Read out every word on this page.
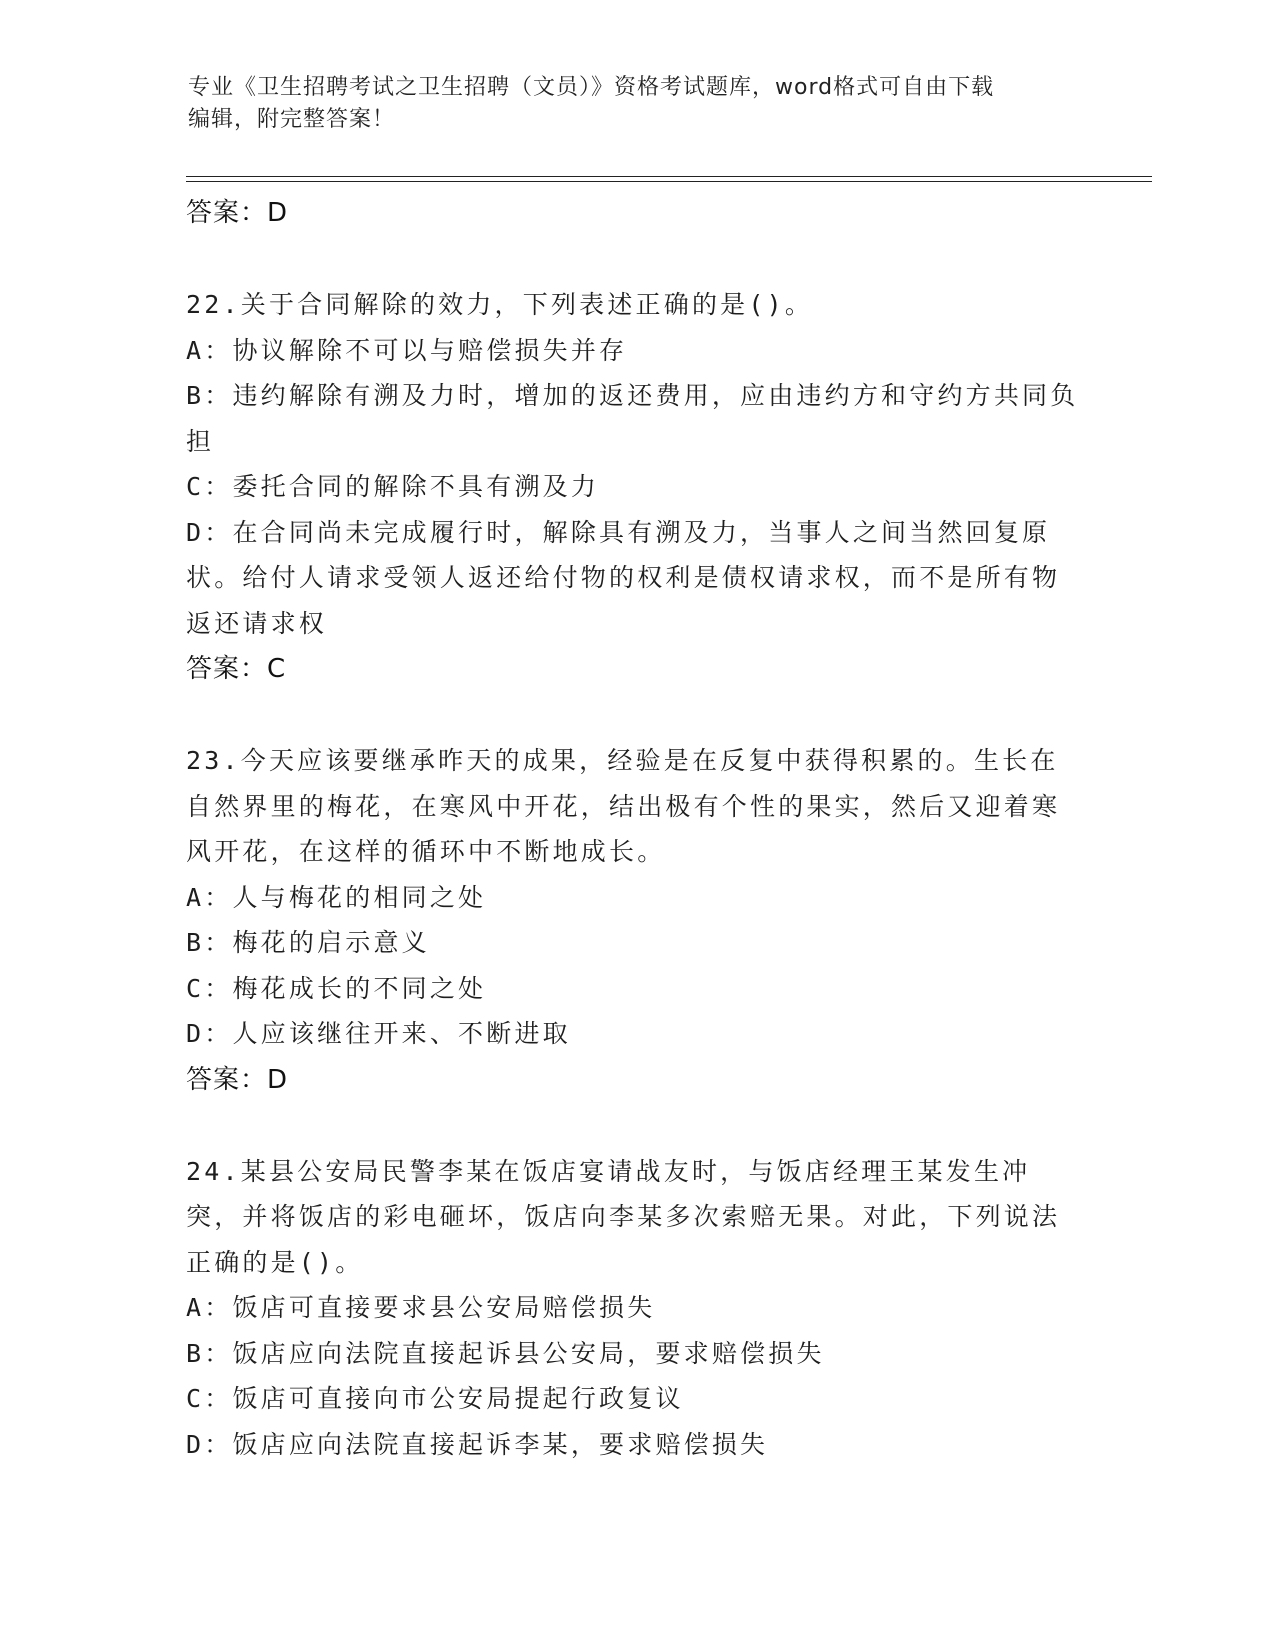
专业《卫生招聘考试之卫生招聘（文员）》资格考试题库，word格式可自由下载
编辑，附完整答案！
答案：D
22.关于合同解除的效力，下列表述正确的是()。
A：协议解除不可以与赔偿损失并存
B：违约解除有溯及力时，增加的返还费用，应由违约方和守约方共同负担
C：委托合同的解除不具有溯及力
D：在合同尚未完成履行时，解除具有溯及力，当事人之间当然回复原状。给付人请求受领人返还给付物的权利是债权请求权，而不是所有物返还请求权
答案：C
23.今天应该要继承昨天的成果，经验是在反复中获得积累的。生长在自然界里的梅花，在寒风中开花，结出极有个性的果实，然后又迎着寒风开花，在这样的循环中不断地成长。
A：人与梅花的相同之处
B：梅花的启示意义
C：梅花成长的不同之处
D：人应该继往开来、不断进取
答案：D
24.某县公安局民警李某在饭店宴请战友时，与饭店经理王某发生冲突，并将饭店的彩电砸坏，饭店向李某多次索赔无果。对此，下列说法正确的是()。
A：饭店可直接要求县公安局赔偿损失
B：饭店应向法院直接起诉县公安局，要求赔偿损失
C：饭店可直接向市公安局提起行政复议
D：饭店应向法院直接起诉李某，要求赔偿损失
